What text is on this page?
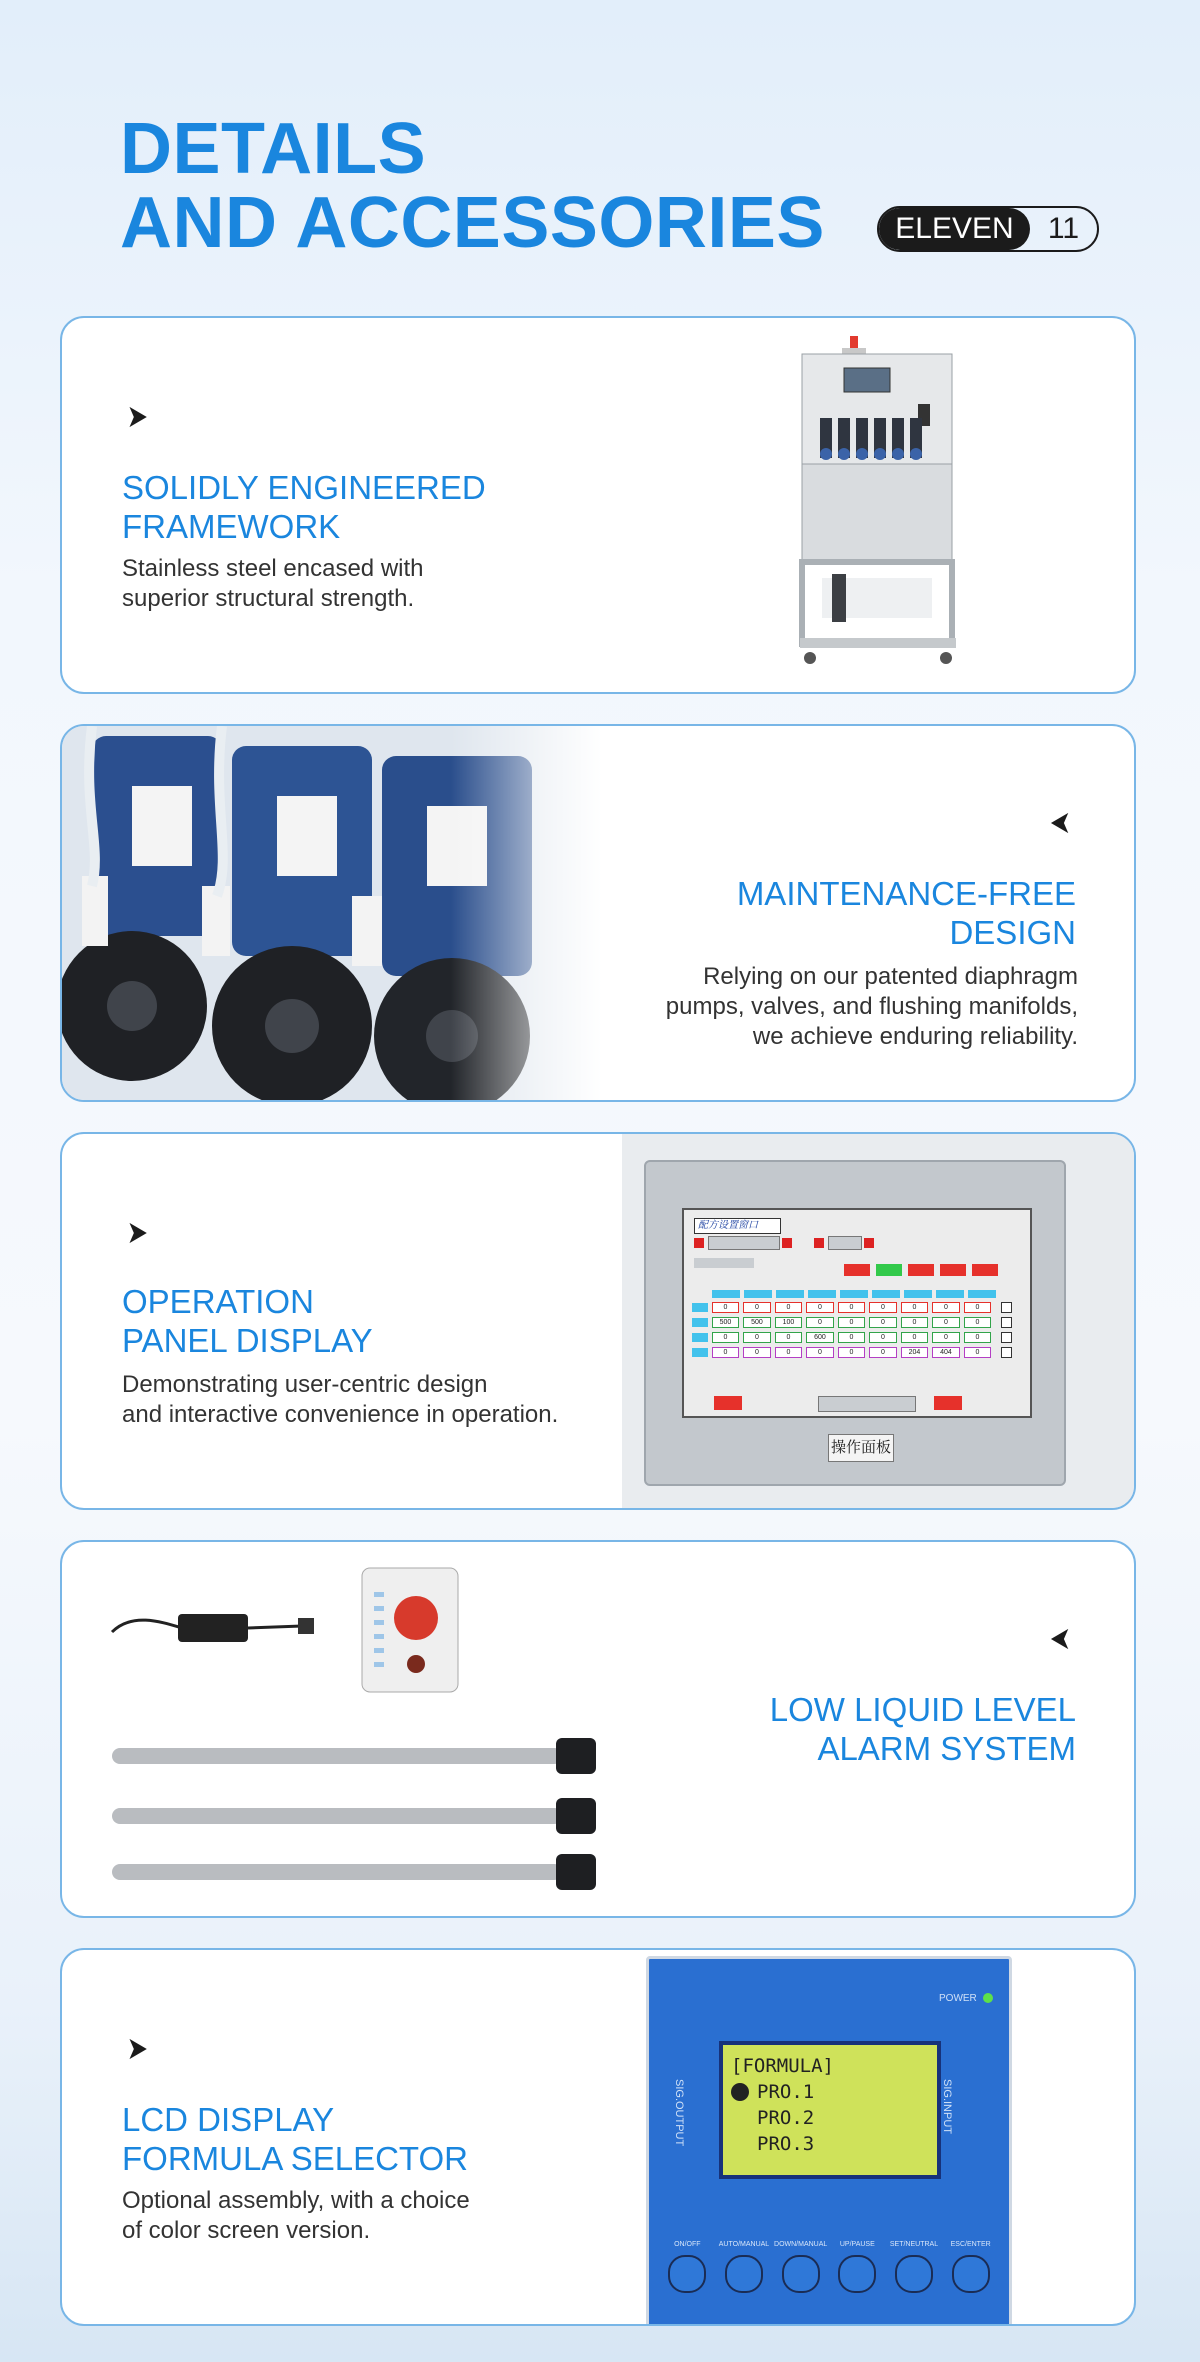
DETAILS
AND ACCESSORIES	ELEVEN	11
➤
SOLIDLY ENGINEERED
FRAMEWORK

Stainless steel encased with
superior structural strength.

➤
MAINTENANCE-FREE
DESIGN

Relying on our patented diaphragm
pumps, valves, and flushing manifolds,
we achieve enduring reliability.

➤
OPERATION
PANEL DISPLAY

Demonstrating user-centric design
and interactive convenience in operation.

配方设置窗口
0	0	0	0	0	0	0	0	0
500	500	100	0	0	0	0	0	0
0	0	0	600	0	0	0	0	0
0	0	0	0	0	0	204	404	0
操作面板
➤
LOW LIQUID LEVEL
ALARM SYSTEM
➤
LCD DISPLAY
FORMULA SELECTOR

Optional assembly, with a choice
of color screen version.

[FORMULA]
PRO.1
PRO.2
PRO.3
POWER
SIG.OUTPUT	SIG.INPUT
ON/OFF	AUTO/MANUAL DOWN/MANUAL	UP/PAUSE	SET/NEUTRAL	ESC/ENTER
